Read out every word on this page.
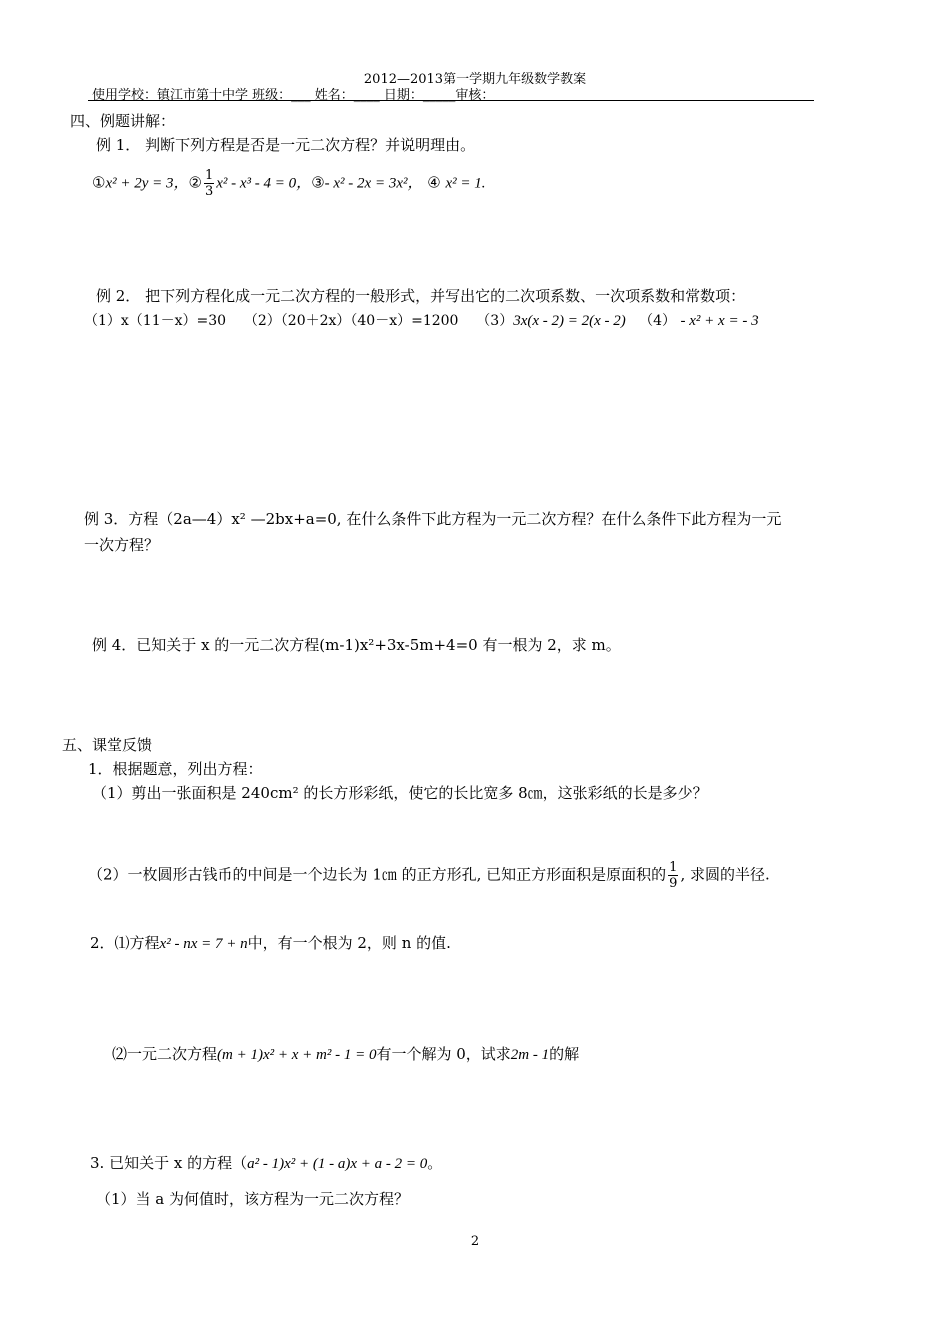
2012—2013第一学期九年级数学教案
使用学校：镇江市第十中学 班级：___ 姓名：____ 日期：_____审核：
四、例题讲解：
例 1． 判断下列方程是否是一元二次方程？并说明理由。
①x² + 2y = 3，② $\frac{1}{3} x^2 - x^3 - 4 = 0$，③- x² - 2x = 3x²， ④ x² = 1.
例 2． 把下列方程化成一元二次方程的一般形式，并写出它的二次项系数、一次项系数和常数项：
（1）x（11－x）=30 （2）（20＋2x）（40－x）=1200 （3）3x(x - 2) = 2(x - 2) （4） - x² + x = - 3
例 3．方程（2a—4）x² —2bx+a=0, 在什么条件下此方程为一元二次方程？在什么条件下此方程为一元
一次方程？
例 4．已知关于 x 的一元二次方程(m-1)x²+3x-5m+4=0 有一根为 2，求 m。
五、课堂反馈
1．根据题意，列出方程：
（1）剪出一张面积是 240cm² 的长方形彩纸，使它的长比宽多 8㎝，这张彩纸的长是多少？
（2）一枚圆形古钱币的中间是一个边长为 1㎝ 的正方形孔, 已知正方形面积是原面积的 $\frac{1}{9}$ , 求圆的半径.
2．⑴方程x² - nx = 7 + n中，有一个根为 2，则 n 的值.
⑵一元二次方程(m + 1)x² + x + m² - 1 = 0有一个解为 0，试求2m - 1的解
3. 已知关于 x 的方程（a² - 1)x² + (1 - a)x + a - 2 = 0。
（1）当 a 为何值时，该方程为一元二次方程？
2
